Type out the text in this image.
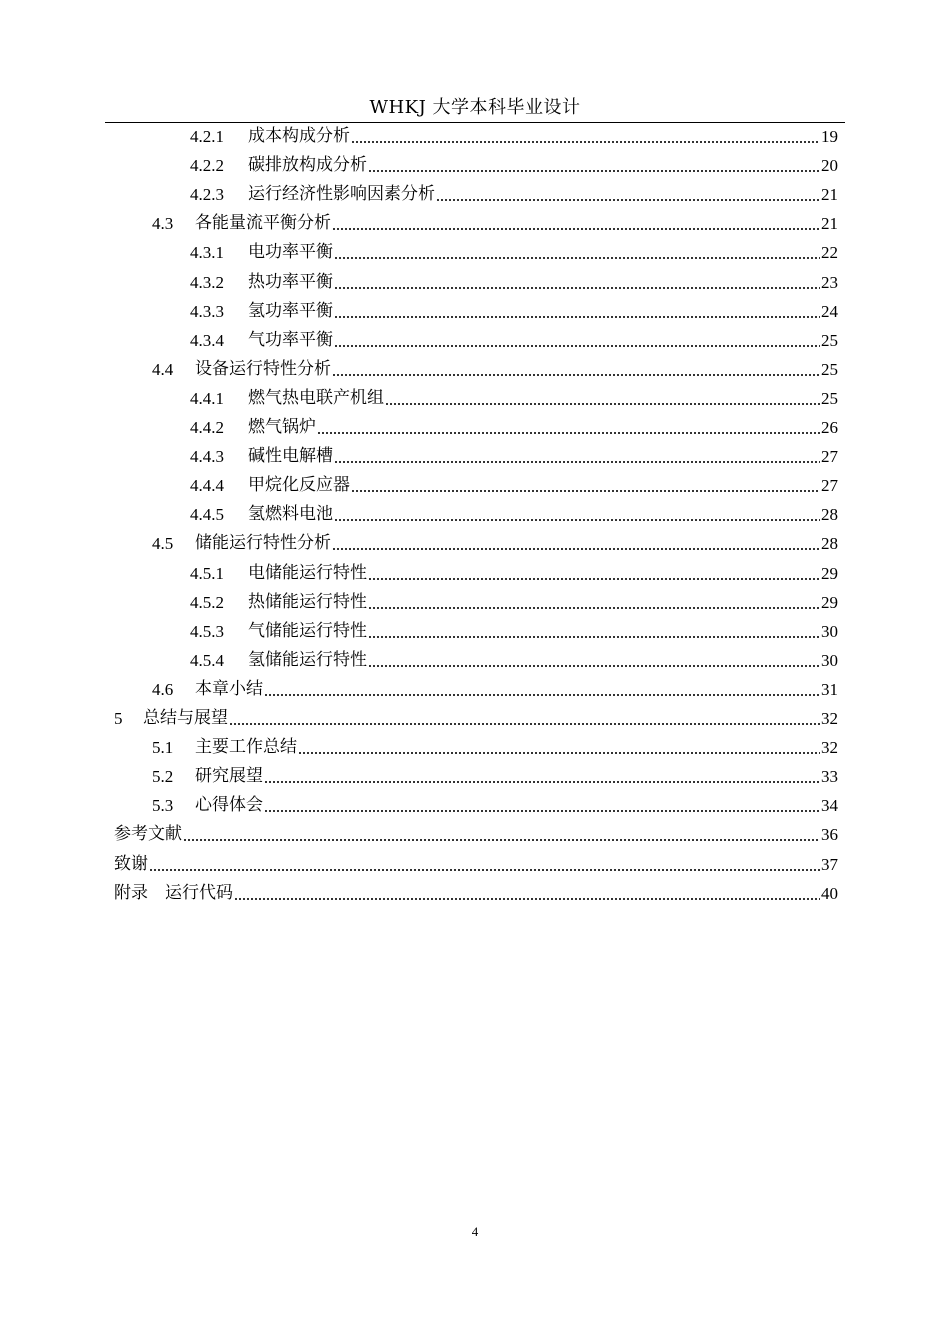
WHKJ 大学本科毕业设计
4.2.1	成本构成分析	19
4.2.2	碳排放构成分析	20
4.2.3	运行经济性影响因素分析	21
4.3	各能量流平衡分析	21
4.3.1	电功率平衡	22
4.3.2	热功率平衡	23
4.3.3	氢功率平衡	24
4.3.4	气功率平衡	25
4.4	设备运行特性分析	25
4.4.1	燃气热电联产机组	25
4.4.2	燃气锅炉	26
4.4.3	碱性电解槽	27
4.4.4	甲烷化反应器	27
4.4.5	氢燃料电池	28
4.5	储能运行特性分析	28
4.5.1	电储能运行特性	29
4.5.2	热储能运行特性	29
4.5.3	气储能运行特性	30
4.5.4	氢储能运行特性	30
4.6	本章小结	31
5	总结与展望	32
5.1	主要工作总结	32
5.2	研究展望	33
5.3	心得体会	34
参考文献	36
致谢	37
附录　运行代码	40
4
